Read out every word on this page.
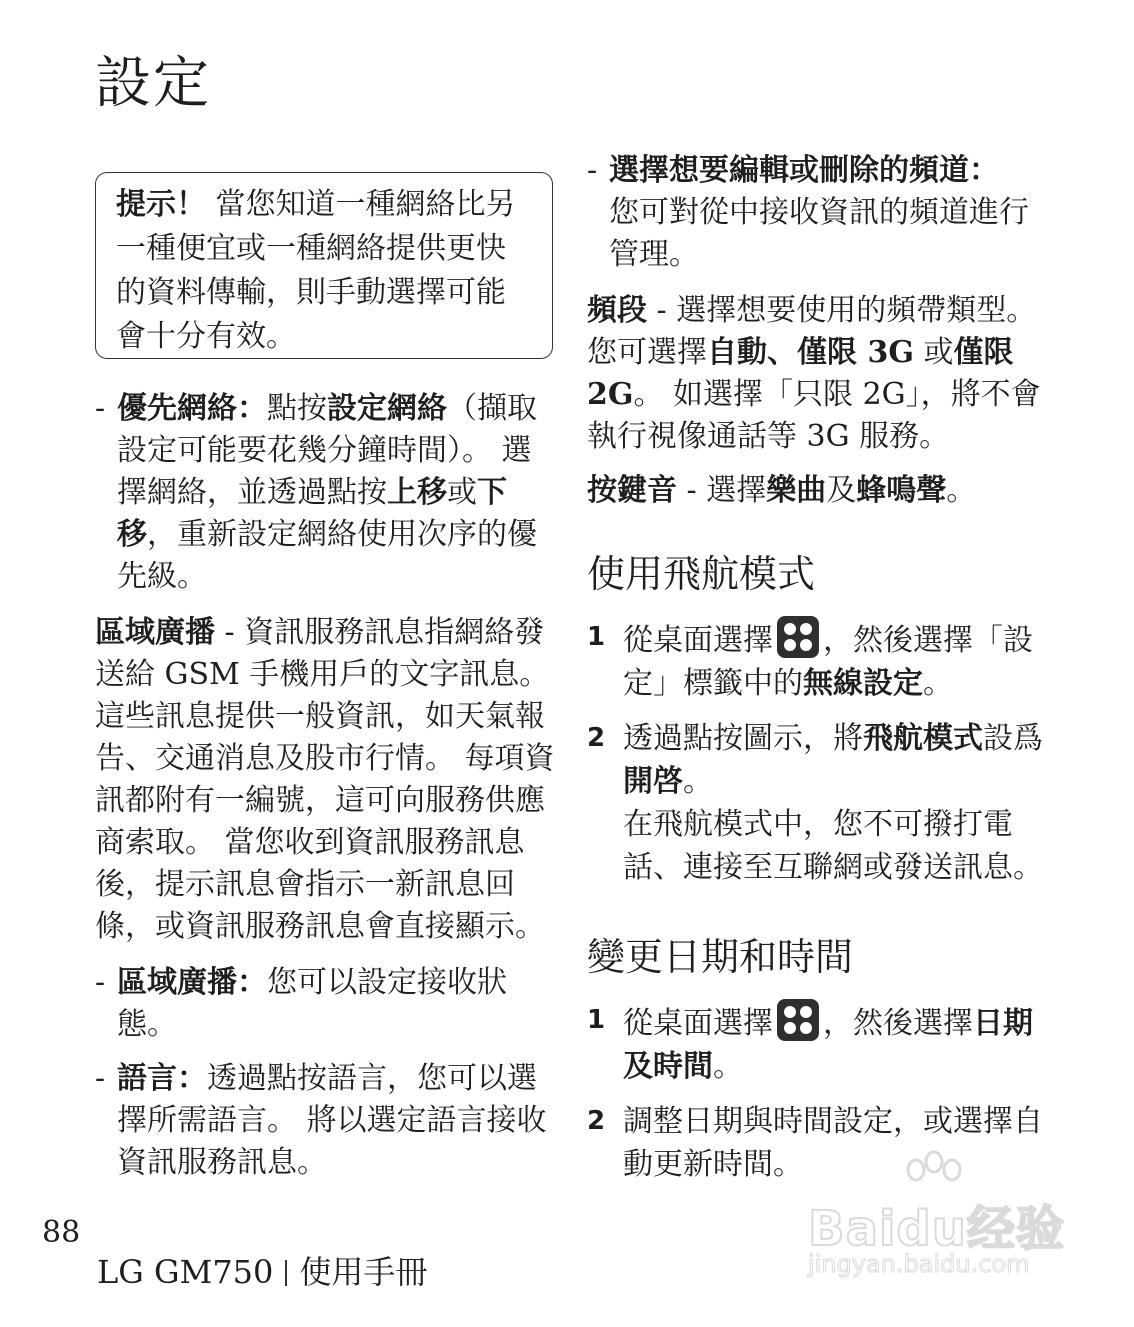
設定
提示！ 當您知道一種網絡比另一種便宜或一種網絡提供更快的資料傳輸，則手動選擇可能會十分有效。

- 優先網絡：點按設定網絡（擷取設定可能要花幾分鐘時間）。 選擇網絡，並透過點按上移或下移，重新設定網絡使用次序的優先級。

區域廣播 - 資訊服務訊息指網絡發送給 GSM 手機用戶的文字訊息。這些訊息提供一般資訊，如天氣報告、交通消息及股市行情。 每項資訊都附有一編號，這可向服務供應商索取。 當您收到資訊服務訊息後，提示訊息會指示一新訊息回條，或資訊服務訊息會直接顯示。

- 區域廣播：您可以設定接收狀態。

- 語言：透過點按語言，您可以選擇所需語言。 將以選定語言接收資訊服務訊息。

- 選擇想要編輯或刪除的頻道：
您可對從中接收資訊的頻道進行管理。

頻段 - 選擇想要使用的頻帶類型。您可選擇自動、僅限 3G 或僅限 2G。 如選擇「只限 2G」，將不會執行視像通話等 3G 服務。

按鍵音 - 選擇樂曲及蜂鳴聲。

使用飛航模式

1 從桌面選擇 ，然後選擇「設定」標籤中的無線設定。

2 透過點按圖示，將飛航模式設爲開啓。
在飛航模式中，您不可撥打電話、連接至互聯網或發送訊息。

變更日期和時間

1 從桌面選擇 ，然後選擇日期及時間。

2 調整日期與時間設定，或選擇自動更新時間。

88
LG GM750 使用手冊
Baidu经验
jingyan.baidu.com
